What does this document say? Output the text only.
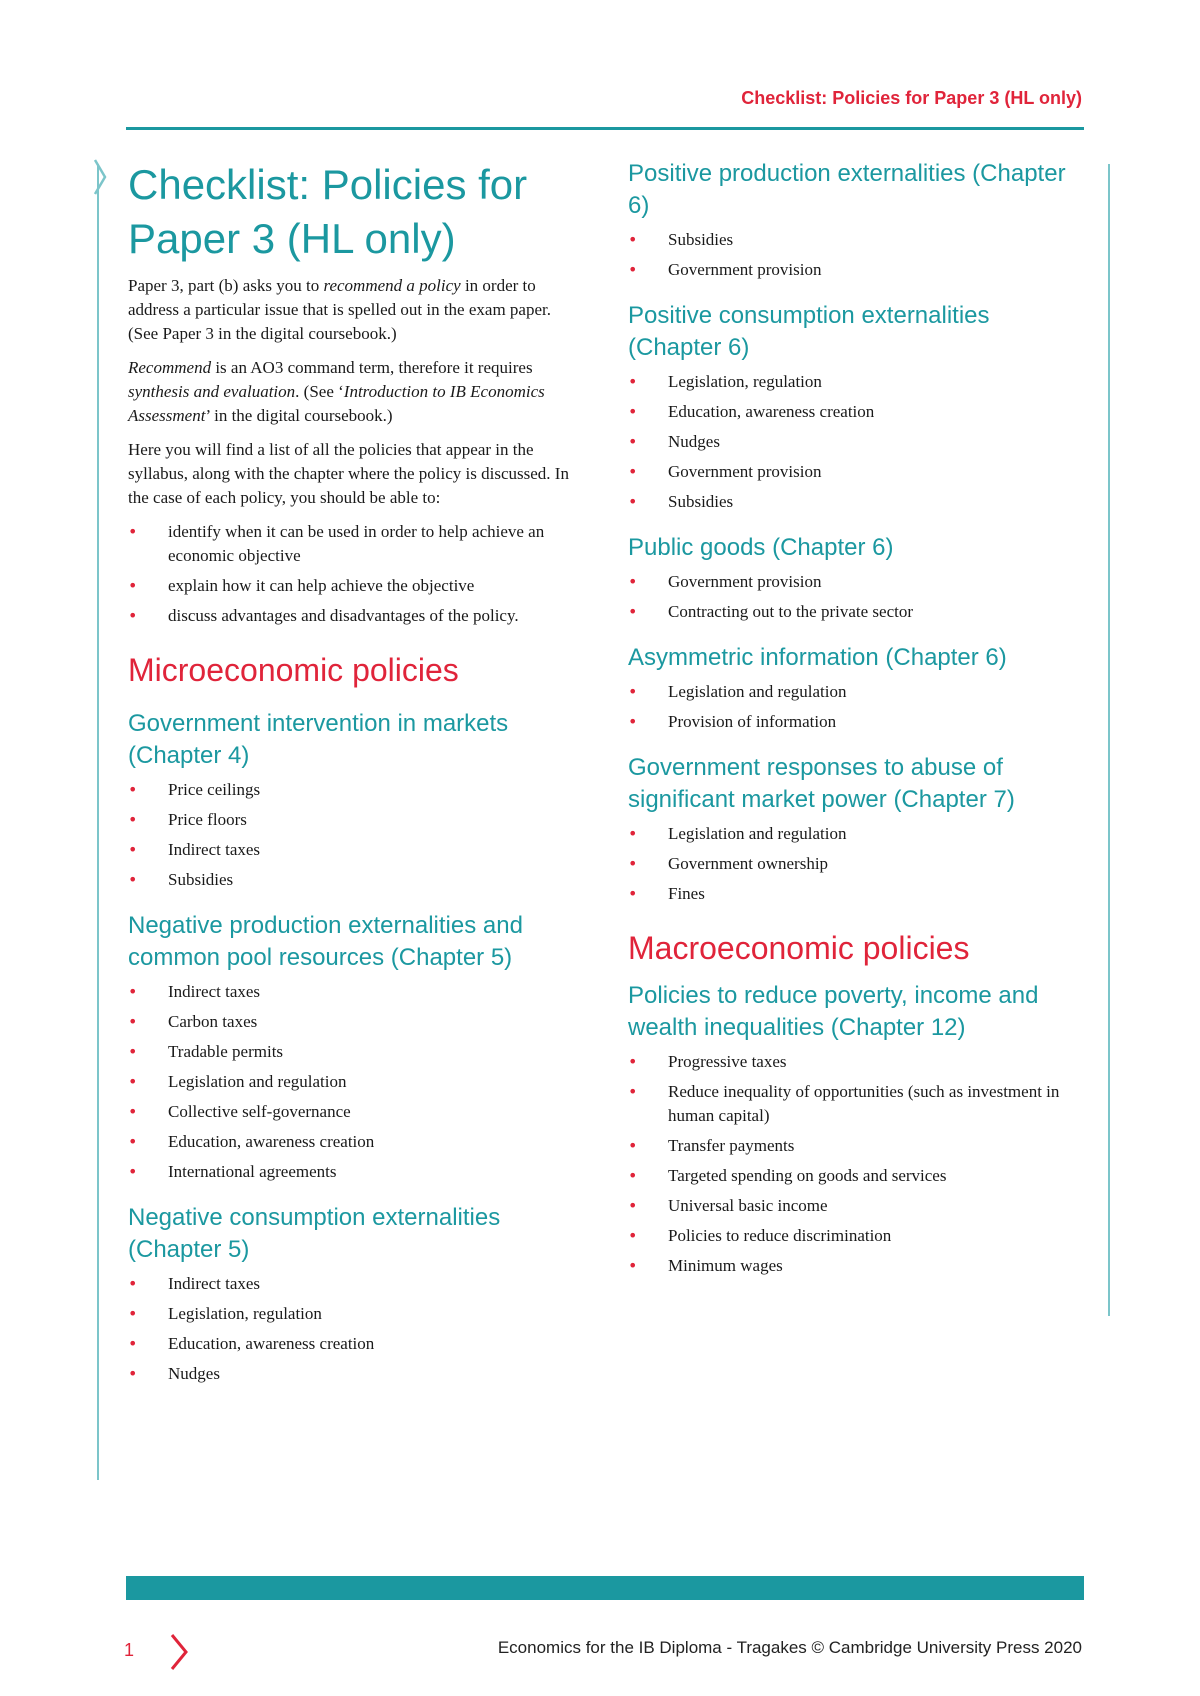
Checklist: Policies for Paper 3 (HL only)
Checklist: Policies for Paper 3 (HL only)

Paper 3, part (b) asks you to recommend a policy in order to address a particular issue that is spelled out in the exam paper. (See Paper 3 in the digital coursebook.)

Recommend is an AO3 command term, therefore it requires synthesis and evaluation. (See ‘Introduction to IB Economics Assessment’ in the digital coursebook.)

Here you will find a list of all the policies that appear in the syllabus, along with the chapter where the policy is discussed. In the case of each policy, you should be able to:

• identify when it can be used in order to help achieve an economic objective
• explain how it can help achieve the objective
• discuss advantages and disadvantages of the policy.
Microeconomic policies
Government intervention in markets (Chapter 4)
• Price ceilings
• Price floors
• Indirect taxes
• Subsidies
Negative production externalities and common pool resources (Chapter 5)
• Indirect taxes
• Carbon taxes
• Tradable permits
• Legislation and regulation
• Collective self-governance
• Education, awareness creation
• International agreements
Negative consumption externalities (Chapter 5)
• Indirect taxes
• Legislation, regulation
• Education, awareness creation
• Nudges
Positive production externalities (Chapter 6)
• Subsidies
• Government provision
Positive consumption externalities (Chapter 6)
• Legislation, regulation
• Education, awareness creation
• Nudges
• Government provision
• Subsidies
Public goods (Chapter 6)
• Government provision
• Contracting out to the private sector
Asymmetric information (Chapter 6)
• Legislation and regulation
• Provision of information
Government responses to abuse of significant market power (Chapter 7)
• Legislation and regulation
• Government ownership
• Fines
Macroeconomic policies
Policies to reduce poverty, income and wealth inequalities (Chapter 12)
• Progressive taxes
• Reduce inequality of opportunities (such as investment in human capital)
• Transfer payments
• Targeted spending on goods and services
• Universal basic income
• Policies to reduce discrimination
• Minimum wages
1	Economics for the IB Diploma - Tragakes © Cambridge University Press 2020
